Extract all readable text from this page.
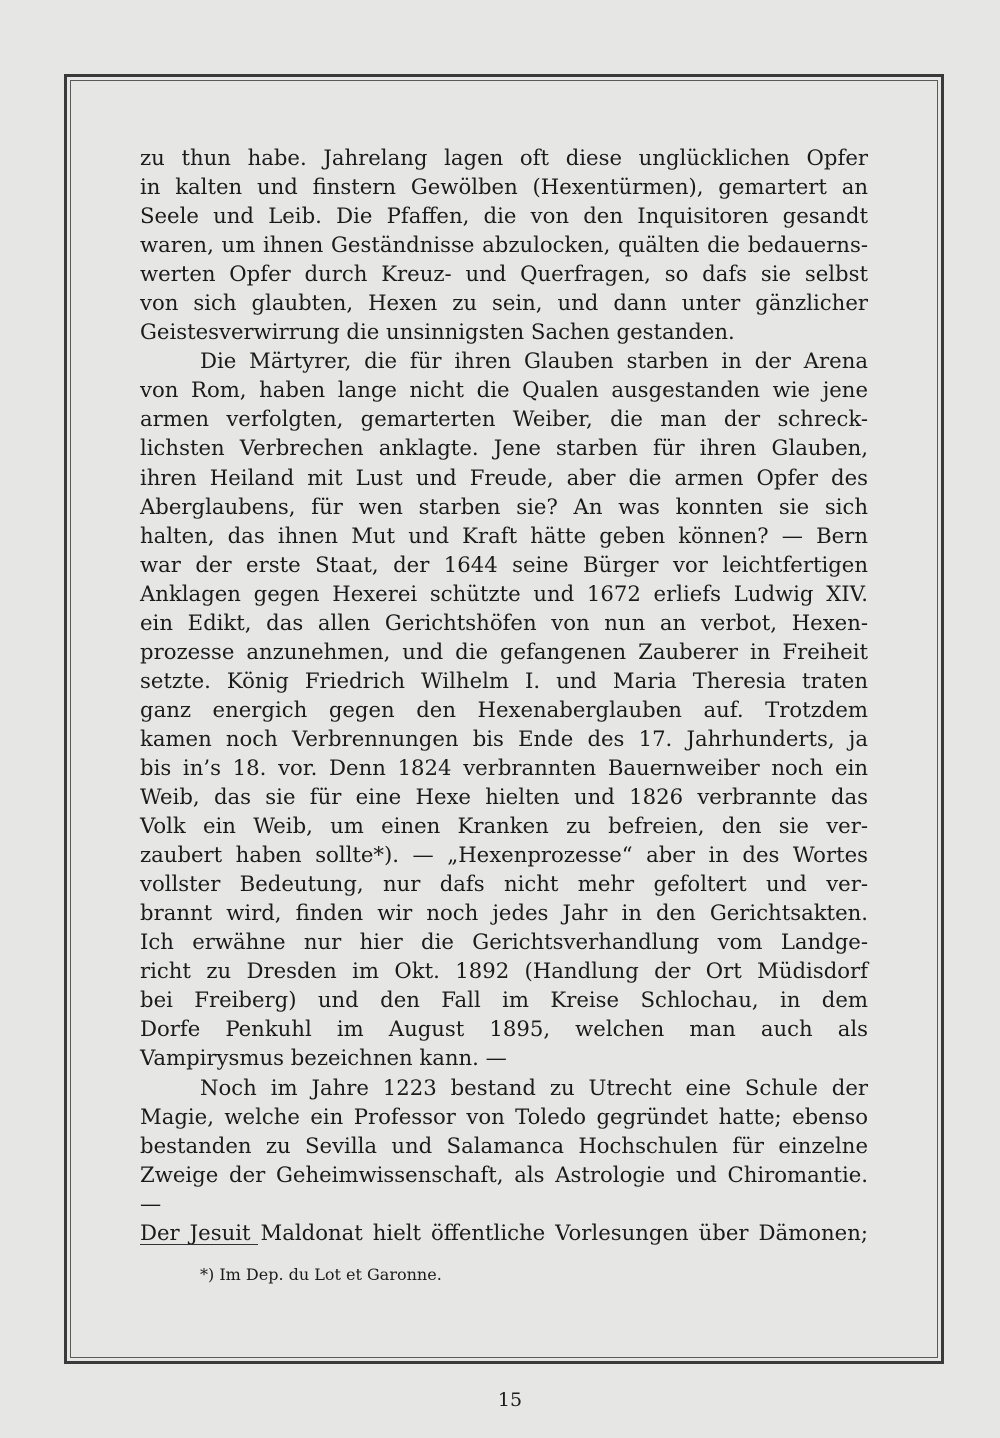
zu thun habe. Jahrelang lagen oft diese unglücklichen Opfer

in kalten und finstern Gewölben (Hexentürmen), gemartert an

Seele und Leib. Die Pfaffen, die von den Inquisitoren gesandt

waren, um ihnen Geständnisse abzulocken, quälten die bedauerns-

werten Opfer durch Kreuz- und Querfragen, so dafs sie selbst

von sich glaubten, Hexen zu sein, und dann unter gänzlicher

Geistesverwirrung die unsinnigsten Sachen gestanden.

Die Märtyrer, die für ihren Glauben starben in der Arena

von Rom, haben lange nicht die Qualen ausgestanden wie jene

armen verfolgten, gemarterten Weiber, die man der schreck-

lichsten Verbrechen anklagte. Jene starben für ihren Glauben,

ihren Heiland mit Lust und Freude, aber die armen Opfer des

Aberglaubens, für wen starben sie? An was konnten sie sich

halten, das ihnen Mut und Kraft hätte geben können? — Bern

war der erste Staat, der 1644 seine Bürger vor leichtfertigen

Anklagen gegen Hexerei schützte und 1672 erliefs Ludwig XIV.

ein Edikt, das allen Gerichtshöfen von nun an verbot, Hexen-

prozesse anzunehmen, und die gefangenen Zauberer in Freiheit

setzte. König Friedrich Wilhelm I. und Maria Theresia traten

ganz energich gegen den Hexenaberglauben auf. Trotzdem

kamen noch Verbrennungen bis Ende des 17. Jahrhunderts, ja

bis in’s 18. vor. Denn 1824 verbrannten Bauernweiber noch ein

Weib, das sie für eine Hexe hielten und 1826 verbrannte das

Volk ein Weib, um einen Kranken zu befreien, den sie ver-

zaubert haben sollte*). — „Hexenprozesse“ aber in des Wortes

vollster Bedeutung, nur dafs nicht mehr gefoltert und ver-

brannt wird, finden wir noch jedes Jahr in den Gerichtsakten.

Ich erwähne nur hier die Gerichtsverhandlung vom Landge-

richt zu Dresden im Okt. 1892 (Handlung der Ort Müdisdorf

bei Freiberg) und den Fall im Kreise Schlochau, in dem

Dorfe Penkuhl im August 1895, welchen man auch als

Vampirysmus bezeichnen kann. —

Noch im Jahre 1223 bestand zu Utrecht eine Schule der

Magie, welche ein Professor von Toledo gegründet hatte; ebenso

bestanden zu Sevilla und Salamanca Hochschulen für einzelne

Zweige der Geheimwissenschaft, als Astrologie und Chiromantie. —

Der Jesuit Maldonat hielt öffentliche Vorlesungen über Dämonen;

*) Im Dep. du Lot et Garonne.
15
